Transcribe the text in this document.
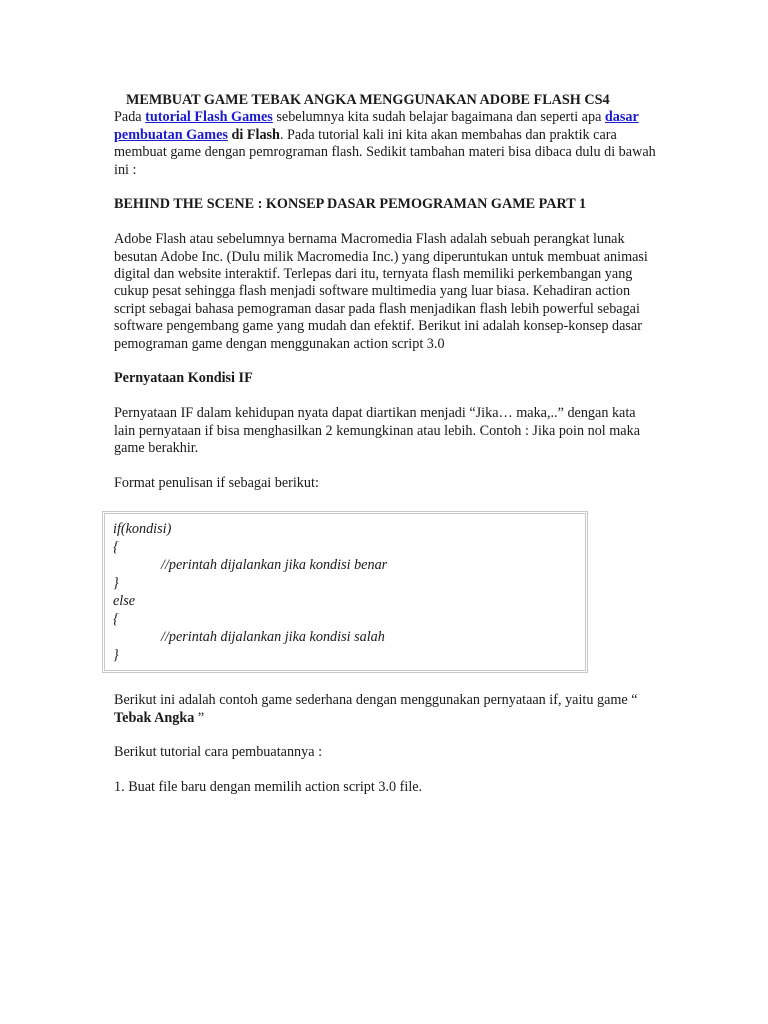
MEMBUAT GAME TEBAK ANGKA MENGGUNAKAN ADOBE FLASH CS4

Pada tutorial Flash Games sebelumnya kita sudah belajar bagaimana dan seperti apa dasar pembuatan Games di Flash. Pada tutorial kali ini kita akan membahas dan praktik cara membuat game dengan pemrograman flash. Sedikit tambahan materi bisa dibaca dulu di bawah ini :

BEHIND THE SCENE : KONSEP DASAR PEMOGRAMAN GAME PART 1

Adobe Flash atau sebelumnya bernama Macromedia Flash adalah sebuah perangkat lunak besutan Adobe Inc. (Dulu milik Macromedia Inc.) yang diperuntukan untuk membuat animasi digital dan website interaktif. Terlepas dari itu, ternyata flash memiliki perkembangan yang cukup pesat sehingga flash menjadi software multimedia yang luar biasa. Kehadiran action script sebagai bahasa pemograman dasar pada flash menjadikan flash lebih powerful sebagai software pengembang game yang mudah dan efektif. Berikut ini adalah konsep-konsep dasar pemograman game dengan menggunakan action script 3.0

Pernyataan Kondisi IF

Pernyataan IF dalam kehidupan nyata dapat diartikan menjadi “Jika… maka,..” dengan kata lain pernyataan if bisa menghasilkan 2 kemungkinan atau lebih. Contoh : Jika poin nol maka game berakhir.

Format penulisan if sebagai berikut:

if(kondisi)
{
//perintah dijalankan jika kondisi benar
}
else
{
//perintah dijalankan jika kondisi salah
}

Berikut ini adalah contoh game sederhana dengan menggunakan pernyataan if, yaitu game “ Tebak Angka ”

Berikut tutorial cara pembuatannya :

1. Buat file baru dengan memilih action script 3.0 file.
